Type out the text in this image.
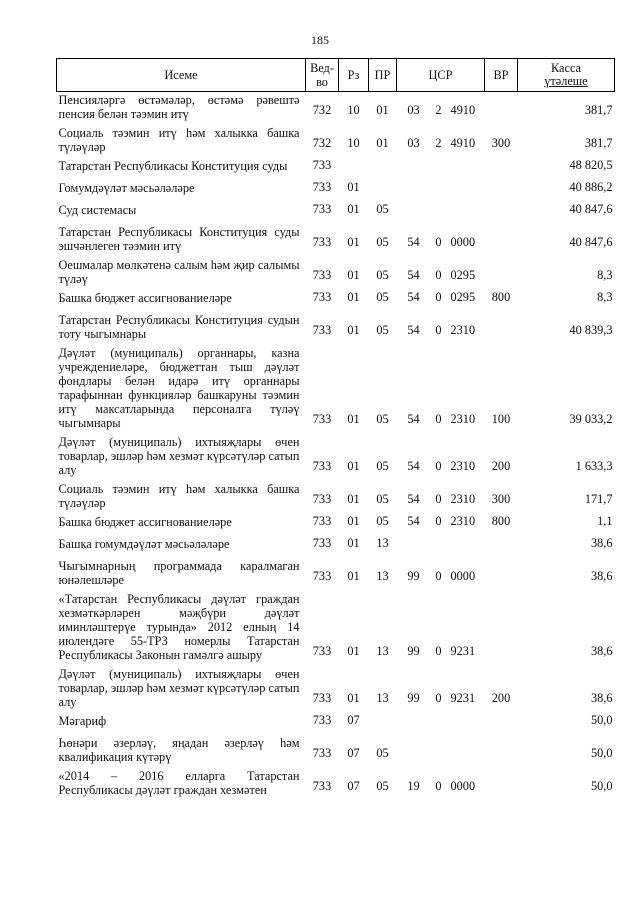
185
Исеме	Вед-во	Рз	ПР	ЦСР			ВР	Касса
үтәлеше

Пенсиялəргə өстəмəлəр, өстəмə рəвештə пенсия белəн тəэмин итү	732	10	01	03	2	4910		381,7
Социаль тəэмин итү һəм халыкка башка түлəүлəр	732	10	01	03	2	4910	300	381,7
Татарстан Республикасы Конституция суды	733							48 820,5
Гомумдəүлəт мəсьəлəлəре	733	01						40 886,2
Суд системасы	733	01	05					40 847,6
Татарстан Республикасы Конституция суды эшчəнлеген тəэмин итү	733	01	05	54	0	0000		40 847,6
Оешмалар мөлкəтенə салым һəм җир салымы түлəү	733	01	05	54	0	0295		8,3
Башка бюджет ассигнованиелəре	733	01	05	54	0	0295	800	8,3
Татарстан Республикасы Конституция судын тоту чыгымнары	733	01	05	54	0	2310		40 839,3
Дəүлəт (муниципаль) органнары, казна учреждениелəре, бюджеттан тыш дəүлəт фондлары белəн идарə итү органнары тарафыннан функциялəр башкаруны тəэмин итү максатларында персоналга түлəү чыгымнары	733	01	05	54	0	2310	100	39 033,2
Дəүлəт (муниципаль) ихтыяҗлары өчен товарлар, эшлəр һəм хезмəт күрсəтүлəр сатып алу	733	01	05	54	0	2310	200	1 633,3
Социаль тəэмин итү һəм халыкка башка түлəүлəр	733	01	05	54	0	2310	300	171,7
Башка бюджет ассигнованиелəре	733	01	05	54	0	2310	800	1,1
Башка гомумдəүлəт мəсьəлəлəре	733	01	13					38,6
Чыгымнарның программада каралмаган юнəлешлəре	733	01	13	99	0	0000		38,6
«Татарстан Республикасы дəүлəт граждан хезмəткəрлəрен мəҗбүри дəүлəт иминлəштерүе турында» 2012 елның 14 июлендəге 55-ТРЗ номерлы Татарстан Республикасы Законын гамəлгə ашыру	733	01	13	99	0	9231		38,6
Дəүлəт (муниципаль) ихтыяҗлары өчен товарлар, эшлəр һəм хезмəт күрсəтүлəр сатып алу	733	01	13	99	0	9231	200	38,6
Мəгариф	733	07						50,0
Һөнəри əзерлəү, яңадан əзерлəү һəм квалификация күтəрү	733	07	05					50,0
«2014 – 2016 елларга Татарстан Республикасы дəүлəт граждан хезмəтен	733	07	05	19	0	0000		50,0
